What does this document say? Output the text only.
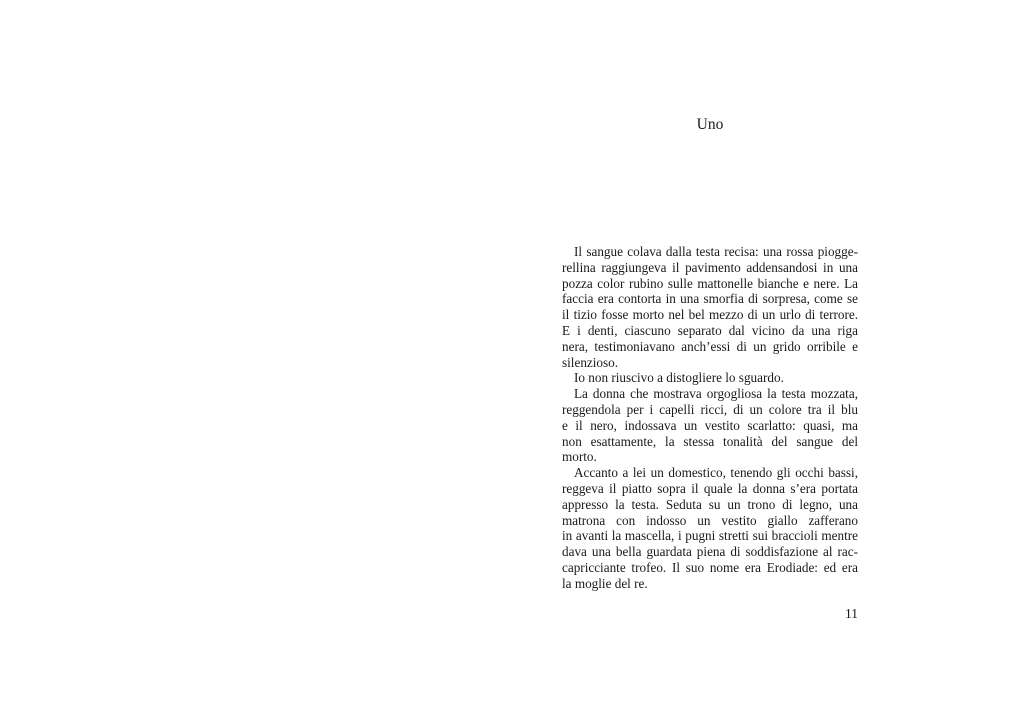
Uno
Il sangue colava dalla testa recisa: una rossa piogge-
rellina raggiungeva il pavimento addensandosi in una
pozza color rubino sulle mattonelle bianche e nere. La
faccia era contorta in una smorfia di sorpresa, come se
il tizio fosse morto nel bel mezzo di un urlo di terrore.
E i denti, ciascuno separato dal vicino da una riga
nera, testimoniavano anch’essi di un grido orribile e
silenzioso.
Io non riuscivo a distogliere lo sguardo.
La donna che mostrava orgogliosa la testa mozzata,
reggendola per i capelli ricci, di un colore tra il blu
e il nero, indossava un vestito scarlatto: quasi, ma
non esattamente, la stessa tonalità del sangue del
morto.
Accanto a lei un domestico, tenendo gli occhi bassi,
reggeva il piatto sopra il quale la donna s’era portata
appresso la testa. Seduta su un trono di legno, una
matrona con indosso un vestito giallo zafferano
in avanti la mascella, i pugni stretti sui braccioli mentre
dava una bella guardata piena di soddisfazione al rac-
capricciante trofeo. Il suo nome era Erodiade: ed era
la moglie del re.
11
